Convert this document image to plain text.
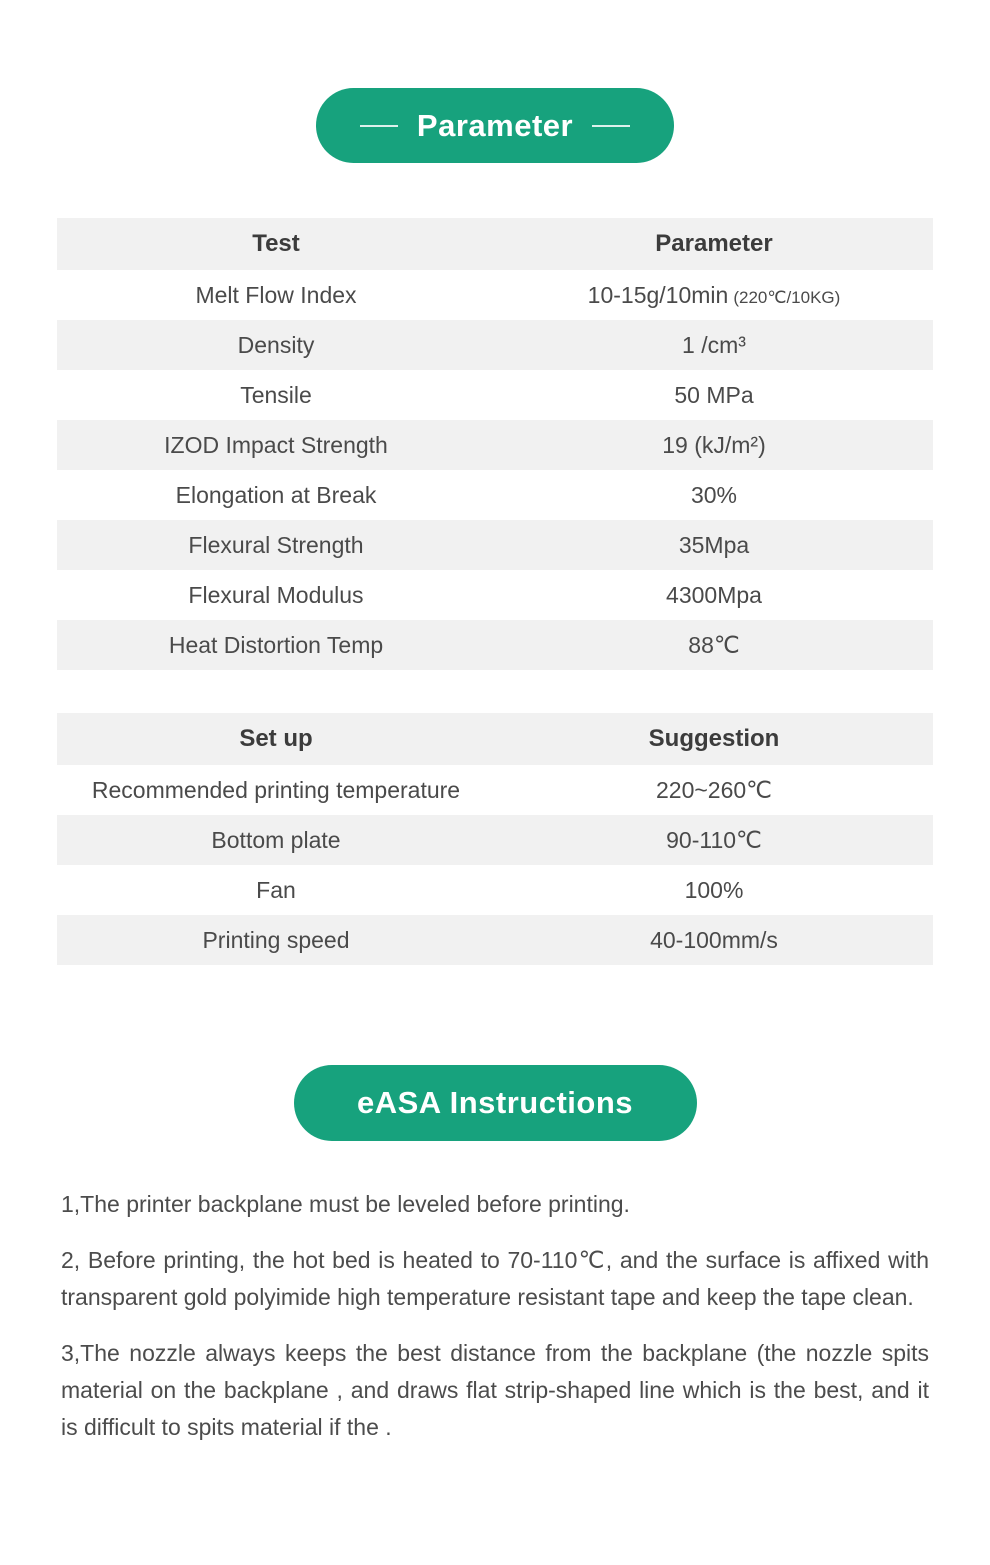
Parameter
Test	Parameter
Melt Flow Index	10-15g/10min (220℃/10KG)
Density	1 /cm³
Tensile	50 MPa
IZOD Impact Strength	19 (kJ/m²)
Elongation at Break	30%
Flexural Strength	35Mpa
Flexural Modulus	4300Mpa
Heat Distortion Temp	88℃
Set up	Suggestion
Recommended printing temperature	220~260℃
Bottom plate	90-110℃
Fan	100%
Printing speed	40-100mm/s
eASA Instructions

1,The printer backplane must be leveled before printing.

2, Before printing, the hot bed is heated to 70-110℃, and the surface is affixed with transparent gold polyimide high temperature resistant tape and keep the tape clean.

3,The nozzle always keeps the best distance from the backplane (the nozzle spits material on the backplane , and draws flat strip-shaped line which is the best, and it is difficult to spits material if the .
